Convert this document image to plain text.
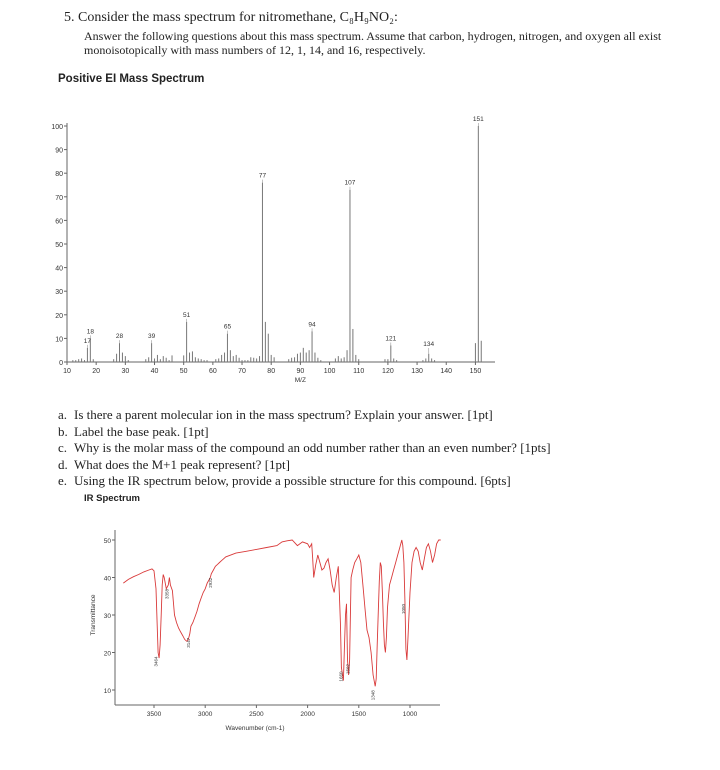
5. Consider the mass spectrum for nitromethane, C₈H₉NO₂:
Answer the following questions about this mass spectrum. Assume that carbon, hydrogen, nitrogen, and oxygen all exist monoisotopically with mass numbers of 12, 1, 14, and 16, respectively.
Positive EI Mass Spectrum
0
10
20
30
40
50
60
70
80
90
100
10	20	30	40	50	60	70	80	90	100	110	120 130 140 150
M/Z
17
18
28	39
51
65
77
94
107
121
134
151
a. Is there a parent molecular ion in the mass spectrum? Explain your answer. [1pt]
b. Label the base peak. [1pt]
c. Why is the molar mass of the compound an odd number rather than an even number? [1pts]
d. What does the M+1 peak represent? [1pt]
e. Using the IR spectrum below, provide a possible structure for this compound. [6pts]
IR Spectrum
10
20
30
40
50
3500	3000	2500	2000	1500	1000
Wavenumber (cm-1)
Transmittance
3464
3358
3147
2932
1660
1592
1348
1050
